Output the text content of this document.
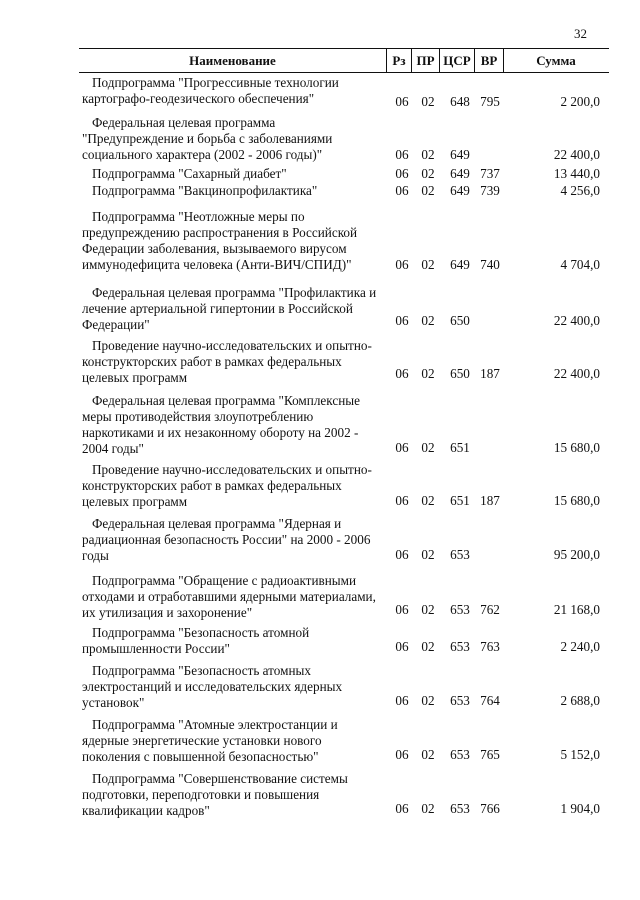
32
Наименование	Рз ПР ЦСР ВР	Сумма
Подпрограмма "Прогрессивные технологии картографо-геодезического обеспечения"	06 02 648 795	2 200,0
Федеральная целевая программа "Предупреждение и борьба с заболеваниями социального характера (2002 - 2006 годы)"	06 02 649	22 400,0
Подпрограмма "Сахарный диабет"	06 02 649 737	13 440,0
Подпрограмма "Вакцинопрофилактика"	06 02 649 739	4 256,0
Подпрограмма "Неотложные меры по предупреждению распространения в Российской Федерации заболевания, вызываемого вирусом иммунодефицита человека (Анти-ВИЧ/СПИД)"	06 02 649 740	4 704,0
Федеральная целевая программа "Профилактика и лечение артериальной гипертонии в Российской Федерации"	06 02 650	22 400,0
Проведение научно-исследовательских и опытно-конструкторских работ в рамках федеральных целевых программ	06 02 650 187	22 400,0
Федеральная целевая программа "Комплексные меры противодействия злоупотреблению наркотиками и их незаконному обороту на 2002 - 2004 годы"	06 02 651	15 680,0
Проведение научно-исследовательских и опытно-конструкторских работ в рамках федеральных целевых программ	06 02 651 187	15 680,0
Федеральная целевая программа "Ядерная и радиационная безопасность России" на 2000 - 2006 годы	06 02 653	95 200,0
Подпрограмма "Обращение с радиоактивными отходами и отработавшими ядерными материалами, их утилизация и захоронение"	06 02 653 762	21 168,0
Подпрограмма "Безопасность атомной промышленности России"	06 02 653 763	2 240,0
Подпрограмма "Безопасность атомных электростанций и исследовательских ядерных установок"	06 02 653 764	2 688,0
Подпрограмма "Атомные электростанции и ядерные энергетические установки нового поколения с повышенной безопасностью"	06 02 653 765	5 152,0
Подпрограмма "Совершенствование системы подготовки, переподготовки и повышения квалификации кадров"	06 02 653 766	1 904,0
